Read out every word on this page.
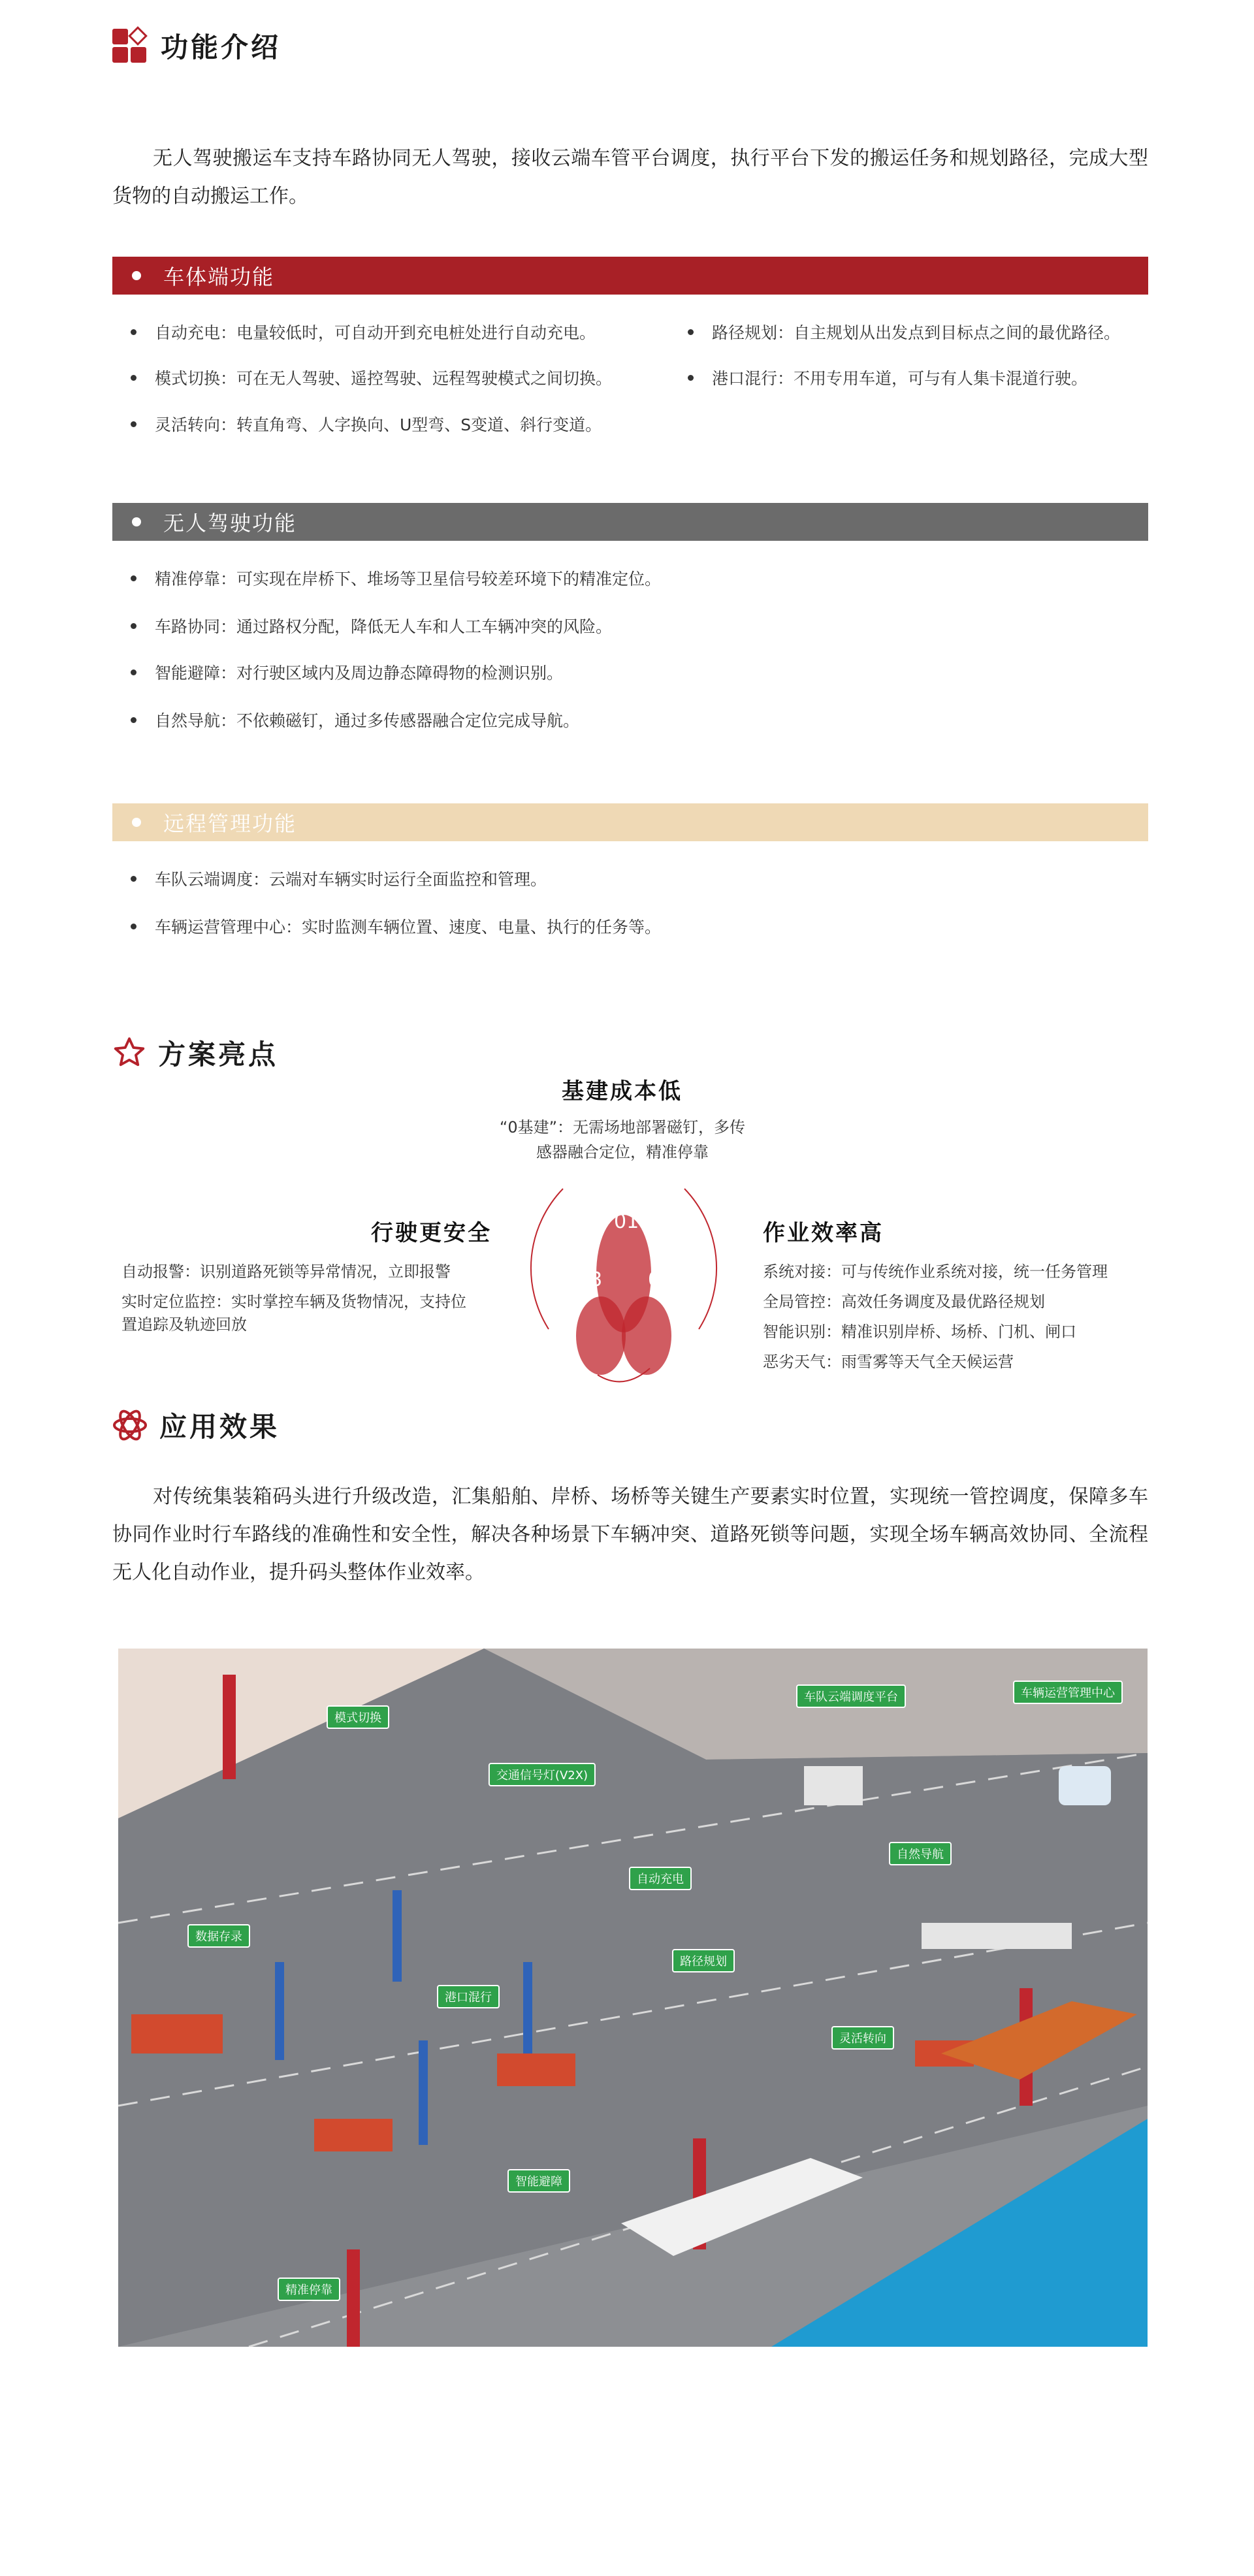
功能介绍
无人驾驶搬运车支持车路协同无人驾驶，接收云端车管平台调度，执行平台下发的搬运任务和规划路径，完成大型货物的自动搬运工作。
车体端功能
自动充电：电量较低时，可自动开到充电桩处进行自动充电。
模式切换：可在无人驾驶、遥控驾驶、远程驾驶模式之间切换。
灵活转向：转直角弯、人字换向、U型弯、S变道、斜行变道。
路径规划：自主规划从出发点到目标点之间的最优路径。
港口混行：不用专用车道，可与有人集卡混道行驶。
无人驾驶功能
精准停靠：可实现在岸桥下、堆场等卫星信号较差环境下的精准定位。
车路协同：通过路权分配，降低无人车和人工车辆冲突的风险。
智能避障：对行驶区域内及周边静态障碍物的检测识别。
自然导航：不依赖磁钉，通过多传感器融合定位完成导航。
远程管理功能
车队云端调度：云端对车辆实时运行全面监控和管理。
车辆运营管理中心：实时监测车辆位置、速度、电量、执行的任务等。
方案亮点
基建成本低
“0基建”：无需场地部署磁钉，多传
感器融合定位，精准停靠
01
02
03
行驶更安全
自动报警：识别道路死锁等异常情况，立即报警
实时定位监控：实时掌控车辆及货物情况，支持位
置追踪及轨迹回放
作业效率高
系统对接：可与传统作业系统对接，统一任务管理
全局管控：高效任务调度及最优路径规划
智能识别：精准识别岸桥、场桥、门机、闸口
恶劣天气：雨雪雾等天气全天候运营
应用效果
对传统集装箱码头进行升级改造，汇集船舶、岸桥、场桥等关键生产要素实时位置，实现统一管控调度，保障多车协同作业时行车路线的准确性和安全性，解决各种场景下车辆冲突、道路死锁等问题，实现全场车辆高效协同、全流程无人化自动作业，提升码头整体作业效率。
模式切换
交通信号灯(V2X)
车队云端调度平台	车辆运营管理中心
数据存录
自动充电
自然导航
港口混行
路径规划
灵活转向
智能避障
精准停靠
